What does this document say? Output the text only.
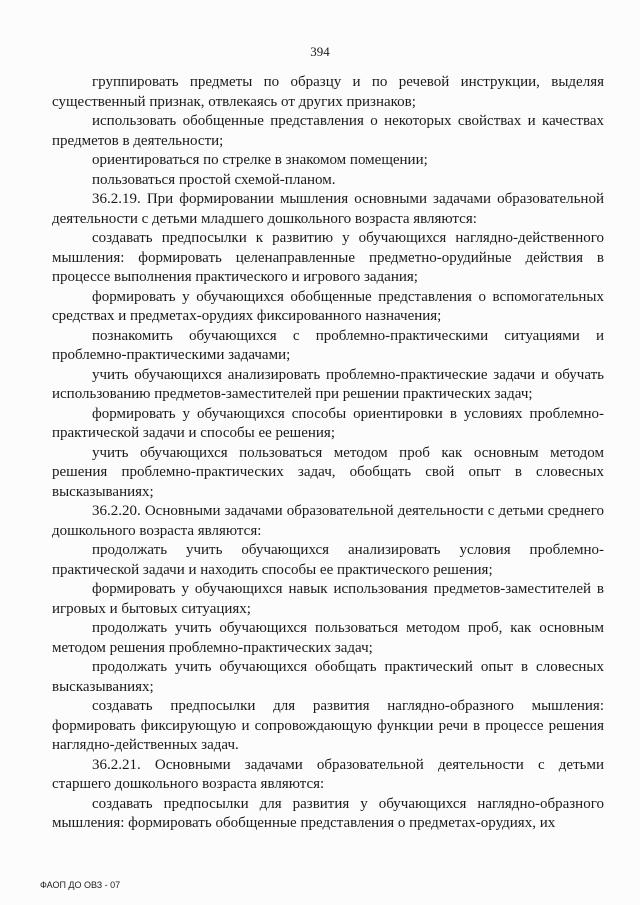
394

группировать предметы по образцу и по речевой инструкции, выделяя существенный признак, отвлекаясь от других признаков;

использовать обобщенные представления о некоторых свойствах и качествах предметов в деятельности;

ориентироваться по стрелке в знакомом помещении;

пользоваться простой схемой-планом.

36.2.19. При формировании мышления основными задачами образовательной деятельности с детьми младшего дошкольного возраста являются:

создавать предпосылки к развитию у обучающихся наглядно-действенного мышления: формировать целенаправленные предметно-орудийные действия в процессе выполнения практического и игрового задания;

формировать у обучающихся обобщенные представления о вспомогательных средствах и предметах-орудиях фиксированного назначения;

познакомить обучающихся с проблемно-практическими ситуациями и проблемно-практическими задачами;

учить обучающихся анализировать проблемно-практические задачи и обучать использованию предметов-заместителей при решении практических задач;

формировать у обучающихся способы ориентировки в условиях проблемно-практической задачи и способы ее решения;

учить обучающихся пользоваться методом проб как основным методом решения проблемно-практических задач, обобщать свой опыт в словесных высказываниях;

36.2.20. Основными задачами образовательной деятельности с детьми среднего дошкольного возраста являются:

продолжать учить обучающихся анализировать условия проблемно-практической задачи и находить способы ее практического решения;

формировать у обучающихся навык использования предметов-заместителей в игровых и бытовых ситуациях;

продолжать учить обучающихся пользоваться методом проб, как основным методом решения проблемно-практических задач;

продолжать учить обучающихся обобщать практический опыт в словесных высказываниях;

создавать предпосылки для развития наглядно-образного мышления: формировать фиксирующую и сопровождающую функции речи в процессе решения наглядно-действенных задач.

36.2.21. Основными задачами образовательной деятельности с детьми старшего дошкольного возраста являются:

создавать предпосылки для развития у обучающихся наглядно-образного мышления: формировать обобщенные представления о предметах-орудиях, их

ФАОП ДО ОВЗ - 07
